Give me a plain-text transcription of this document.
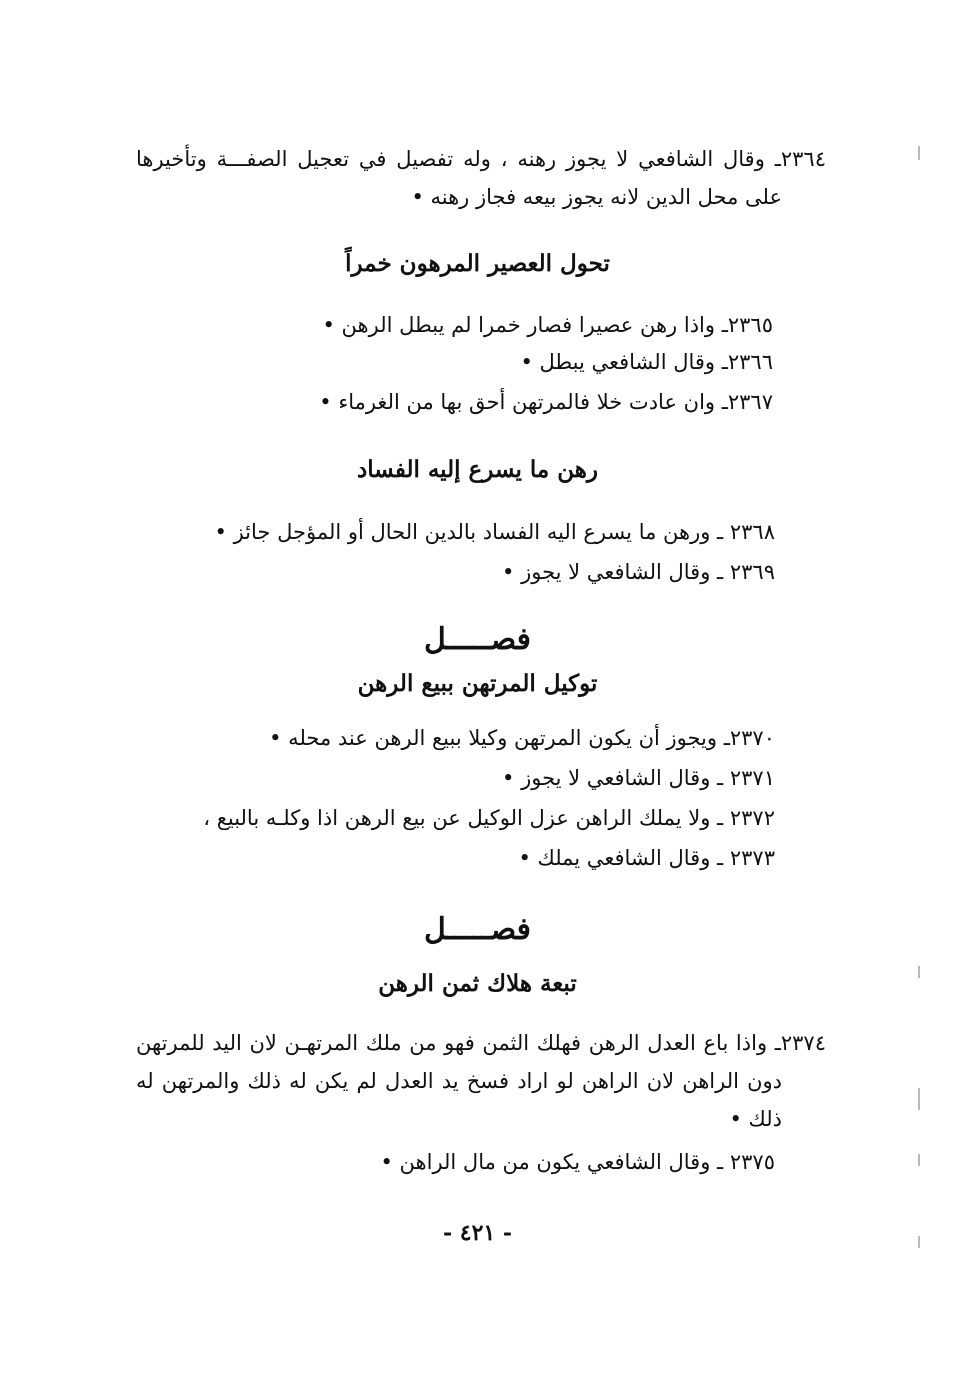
٢٣٦٤ـ وقال الشافعي لا يجوز رهنه ، وله تفصيل في تعجيل الصفـــة وتأخيرها على محل الدين لانه يجوز بيعه فجاز رهنه •
تحول العصير المرهون خمراً
٢٣٦٥ـ واذا رهن عصيرا فصار خمرا لم يبطل الرهن •
٢٣٦٦ـ وقال الشافعي يبطل •
٢٣٦٧ـ وان عادت خلا فالمرتهن أحق بها من الغرماء •
رهن ما يسرع إليه الفساد
٢٣٦٨ ـ ورهن ما يسرع اليه الفساد بالدين الحال أو المؤجل جائز •
٢٣٦٩ ـ وقال الشافعي لا يجوز •
فصـــــل
توكيل المرتهن ببيع الرهن
٢٣٧٠ـ ويجوز أن يكون المرتهن وكيلا ببيع الرهن عند محله •
٢٣٧١ ـ وقال الشافعي لا يجوز •
٢٣٧٢ ـ ولا يملك الراهن عزل الوكيل عن بيع الرهن اذا وكلـه بالبيع ،
٢٣٧٣ ـ وقال الشافعي يملك •
فصـــــل
تبعة هلاك ثمن الرهن
٢٣٧٤ـ واذا باع العدل الرهن فهلك الثمن فهو من ملك المرتهـن لان اليد للمرتهن دون الراهن لان الراهن لو اراد فسخ يد العدل لم يكن له ذلك والمرتهن له ذلك •
٢٣٧٥ ـ وقال الشافعي يكون من مال الراهن •
- ٤٢١ -
